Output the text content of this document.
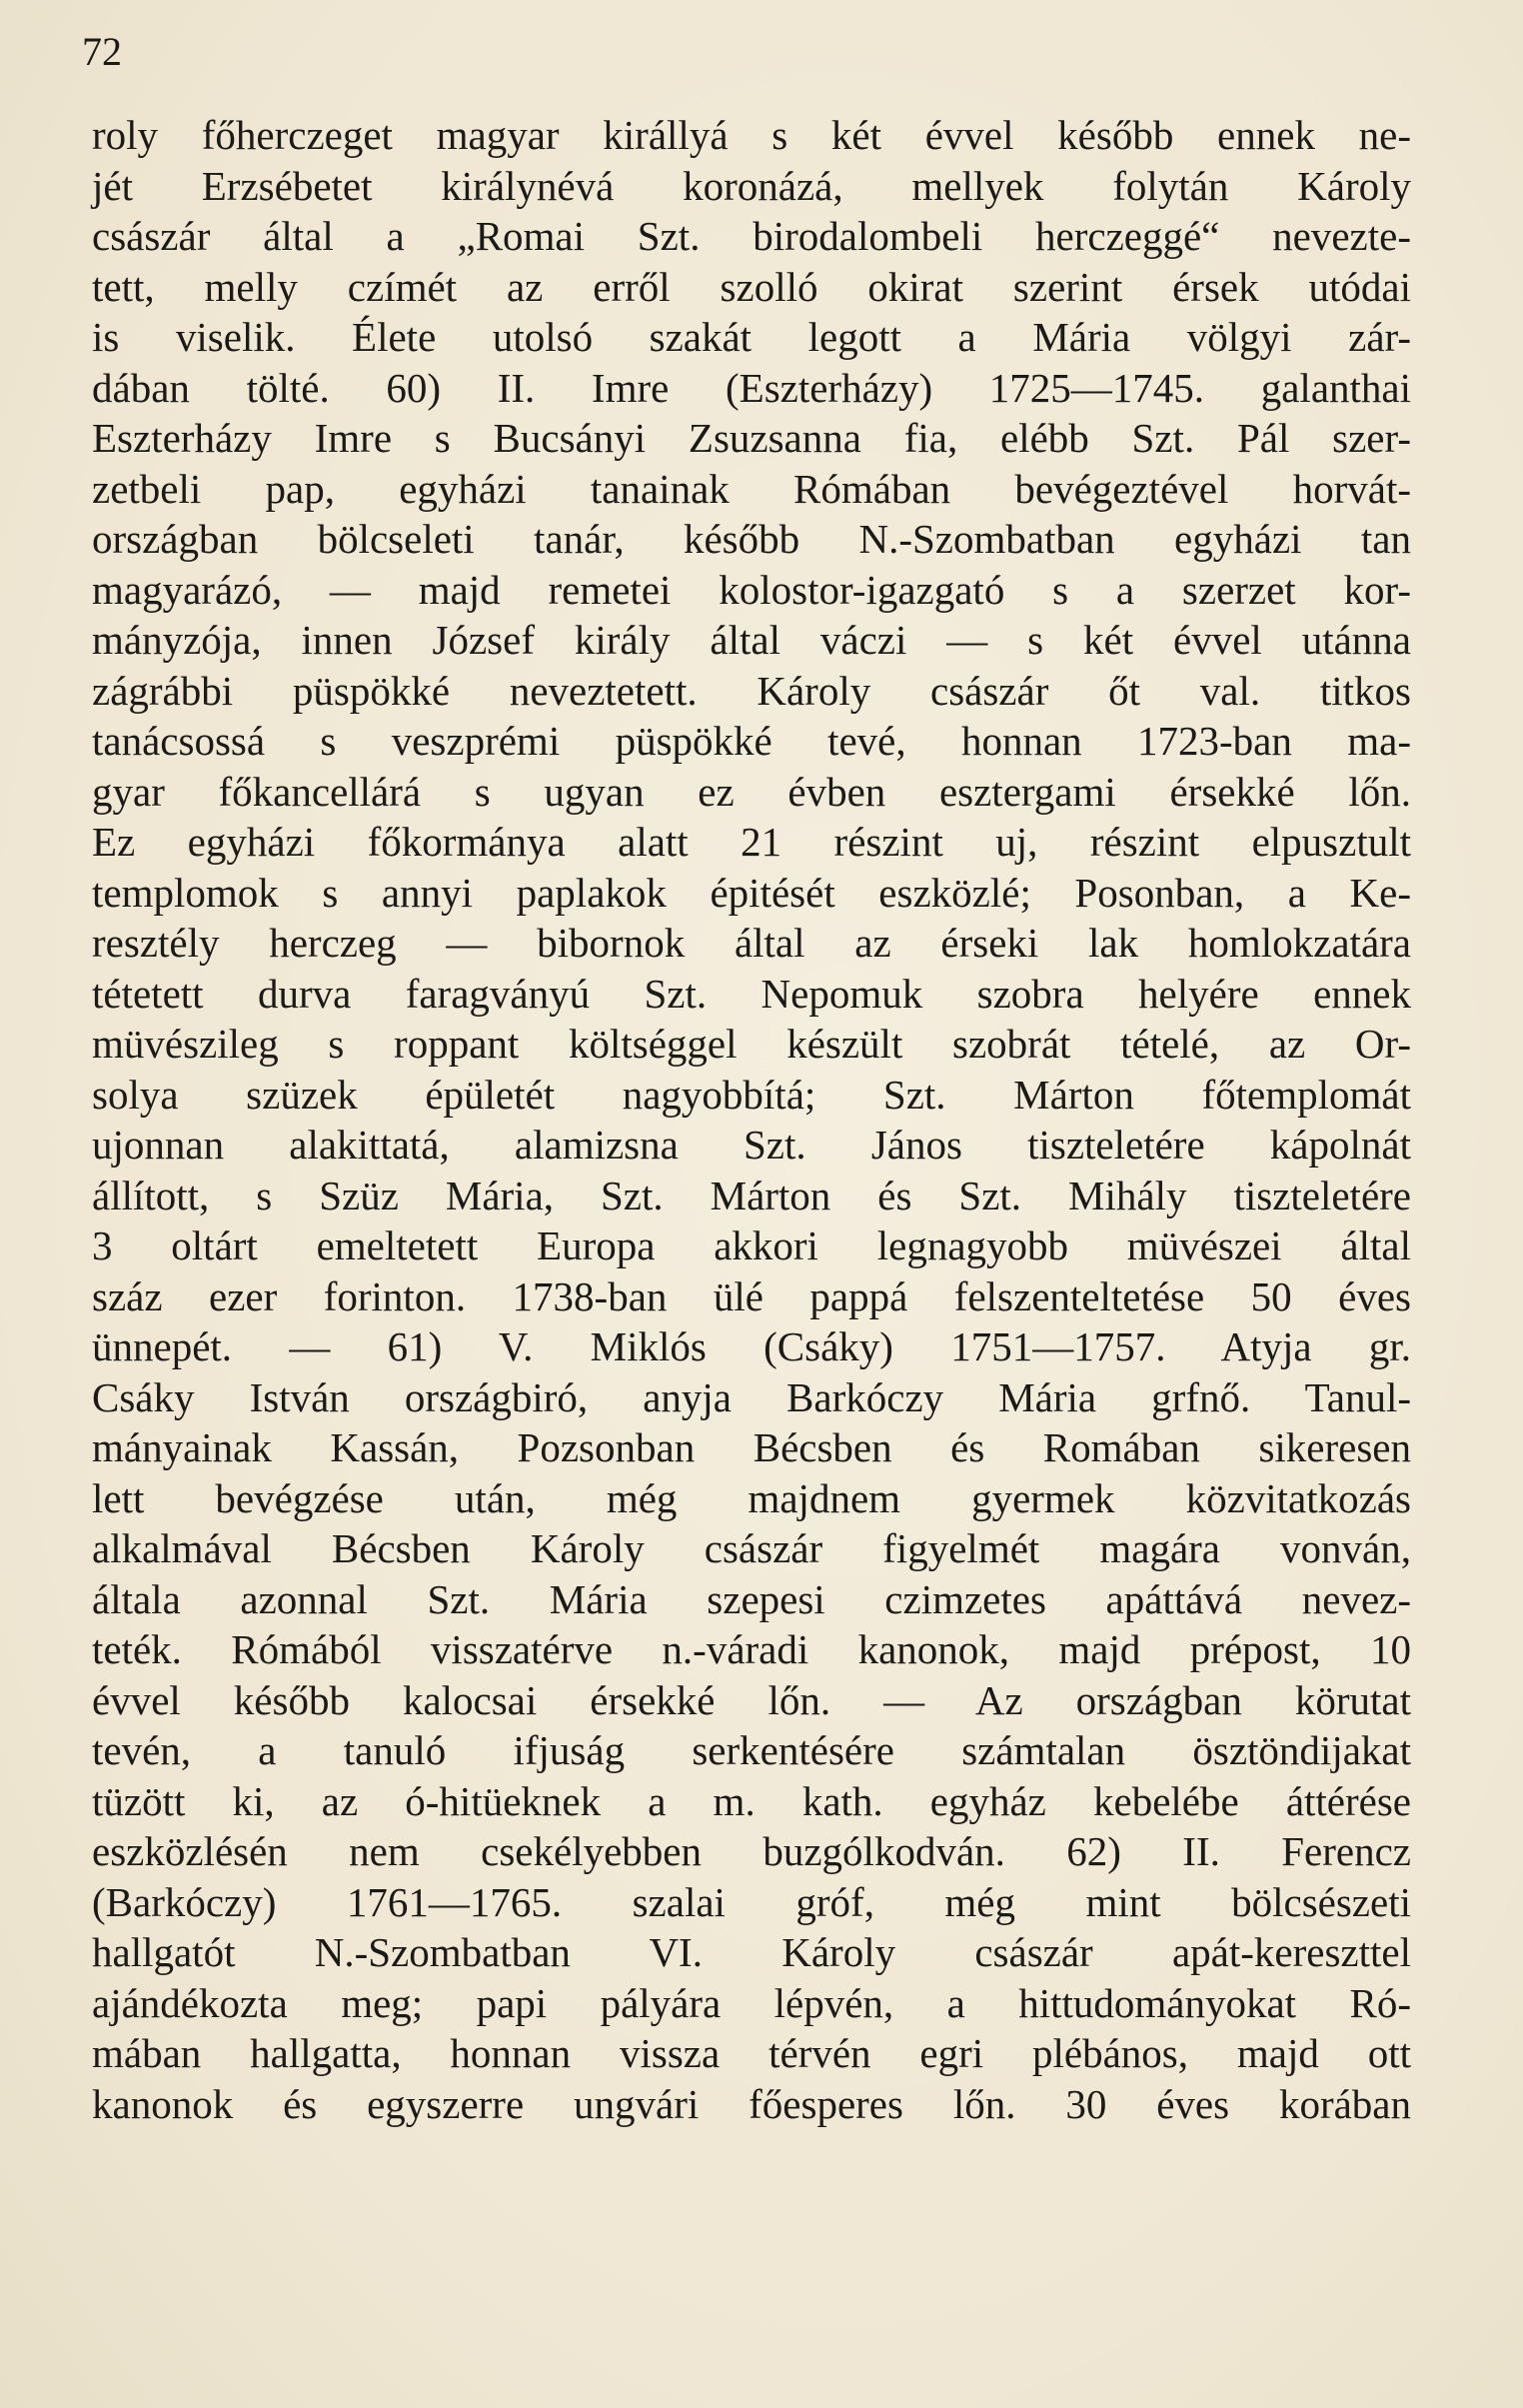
72
roly főherczeget magyar királlyá s két évvel később ennek ne-
jét Erzsébetet királynévá koronázá, mellyek folytán Károly
császár által a „Romai Szt. birodalombeli herczeggé“ nevezte-
tett, melly czímét az erről szolló okirat szerint érsek utódai
is viselik. Élete utolsó szakát legott a Mária völgyi zár-
dában tölté. 60) II. Imre (Eszterházy) 1725—1745. galanthai
Eszterházy Imre s Bucsányi Zsuzsanna fia, elébb Szt. Pál szer-
zetbeli pap, egyházi tanainak Rómában bevégeztével horvát-
országban bölcseleti tanár, később N.-Szombatban egyházi tan
magyarázó, — majd remetei kolostor-igazgató s a szerzet kor-
mányzója, innen József király által váczi — s két évvel utánna
zágrábbi püspökké neveztetett. Károly császár őt val. titkos
tanácsossá s veszprémi püspökké tevé, honnan 1723-ban ma-
gyar főkancellárá s ugyan ez évben esztergami érsekké lőn.
Ez egyházi főkormánya alatt 21 részint uj, részint elpusztult
templomok s annyi paplakok épitését eszközlé; Posonban, a Ke-
resztély herczeg — bibornok által az érseki lak homlokzatára
tétetett durva faragványú Szt. Nepomuk szobra helyére ennek
müvészileg s roppant költséggel készült szobrát tételé, az Or-
solya szüzek épületét nagyobbítá; Szt. Márton főtemplomát
ujonnan alakittatá, alamizsna Szt. János tiszteletére kápolnát
állított, s Szüz Mária, Szt. Márton és Szt. Mihály tiszteletére
3 oltárt emeltetett Europa akkori legnagyobb müvészei által
száz ezer forinton. 1738-ban ülé pappá felszenteltetése 50 éves
ünnepét. — 61) V. Miklós (Csáky) 1751—1757. Atyja gr.
Csáky István országbiró, anyja Barkóczy Mária grfnő. Tanul-
mányainak Kassán, Pozsonban Bécsben és Romában sikeresen
lett bevégzése után, még majdnem gyermek közvitatkozás
alkalmával Bécsben Károly császár figyelmét magára vonván,
általa azonnal Szt. Mária szepesi czimzetes apáttává nevez-
teték. Rómából visszatérve n.-váradi kanonok, majd prépost, 10
évvel később kalocsai érsekké lőn. — Az országban körutat
tevén, a tanuló ifjuság serkentésére számtalan ösztöndijakat
tüzött ki, az ó-hitüeknek a m. kath. egyház kebelébe áttérése
eszközlésén nem csekélyebben buzgólkodván. 62) II. Ferencz
(Barkóczy) 1761—1765. szalai gróf, még mint bölcsészeti
hallgatót N.-Szombatban VI. Károly császár apát-kereszttel
ajándékozta meg; papi pályára lépvén, a hittudományokat Ró-
mában hallgatta, honnan vissza térvén egri plébános, majd ott
kanonok és egyszerre ungvári főesperes lőn. 30 éves korában
